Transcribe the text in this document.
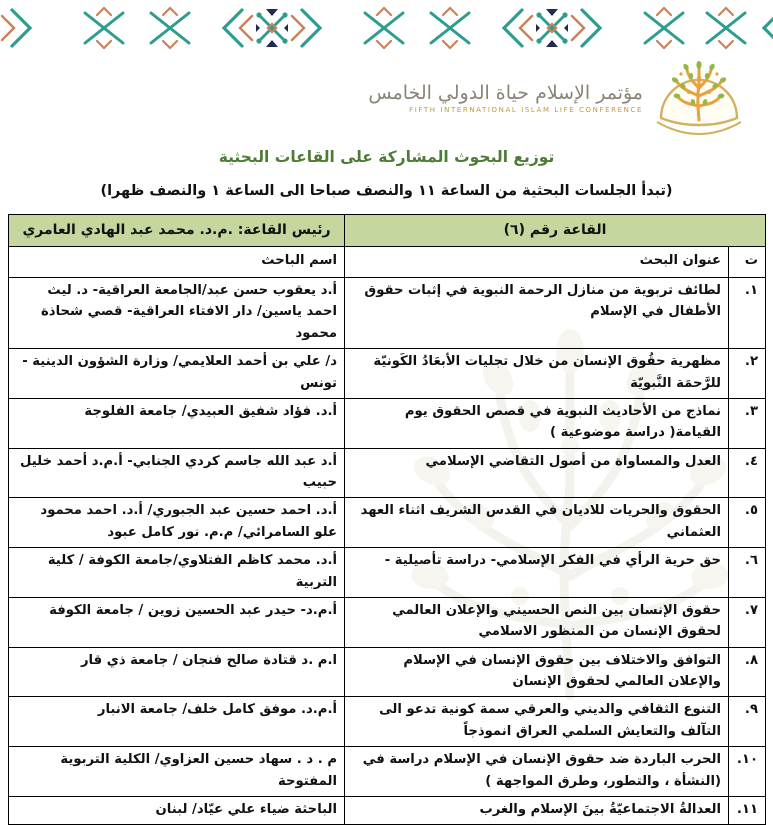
مؤتمر الإسلام حياة الدولي الخامس
FIFTH INTERNATIONAL ISLAM LIFE CONFERENCE
توزيع البحوث المشاركة على القاعات البحثية
(تبدأ الجلسات البحثية من الساعة ١١ والنصف صباحا الى الساعة ١ والنصف ظهرا)
القاعة رقم (٦)		رئيس القاعة: .م.د. محمد عبد الهادي العامري
ت	عنوان البحث	اسم الباحث
١.	لطائف تربوية من منازل الرحمة النبوية في إثبات حقوق الأطفال في الإسلام	أ.د يعقوب حسن عبد/الجامعة العراقية- د. ليث احمد ياسين/ دار الافتاء العراقية- قصي شحاذة محمود
٢.	مظهرية حقُوق الإنسان من خلال تجليات الأبعَادُ الكَونيّة للرَّحمَة النَّبويّة	د/ علي بن أحمد العلايمي/ وزارة الشؤون الدينية - تونس
٣.	نماذج من الأحاديث النبوية في قصص الحقوق يوم القيامة( دراسة موضوعية )	أ.د. فؤاد شفيق العبيدي/ جامعة الفلوجة
٤.	العدل والمساواة من أصول التقاضي الإسلامي	أ.د عبد الله جاسم كردي الجنابي- أ.م.د أحمد خليل حبيب
٥.	الحقوق والحريات للاديان في القدس الشريف اثناء العهد العثماني	أ.د. احمد حسين عبد الجبوري/ أ.د. احمد محمود علو السامرائي/ م.م. نور كامل عبود
٦.	حق حرية الرأي في الفكر الإسلامي- دراسة تأصيلية -	أ.د. محمد كاظم الفتلاوي/جامعة الكوفة / كلية التربية
٧.	حقوق الإنسان بين النص الحسيني والإعلان العالمي لحقوق الإنسان من المنظور الاسلامي	أ.م.د- حيدر عبد الحسين زوين / جامعة الكوفة
٨.	التوافق والاختلاف بين حقوق الإنسان في الإسلام والإعلان العالمي لحقوق الإنسان	ا.م .د قتادة صالح فنجان / جامعة ذي قار
٩.	التنوع الثقافي والديني والعرقي سمة كونية تدعو الى التآلف والتعايش السلمي العراق انموذجاً	أ.م.د. موفق كامل خلف/ جامعة الانبار
١٠.	الحرب الباردة ضد حقوق الإنسان في الإسلام دراسة في (النشأة ، والتطور، وطرق المواجهة )	م . د . سهاد حسين العزاوي/ الكلية التربوية المفتوحة
١١.	العدالةُ الاجتماعيّةُ بينَ الإسلام والغرب	الباحثة ضياء علي عيّاد/ لبنان
